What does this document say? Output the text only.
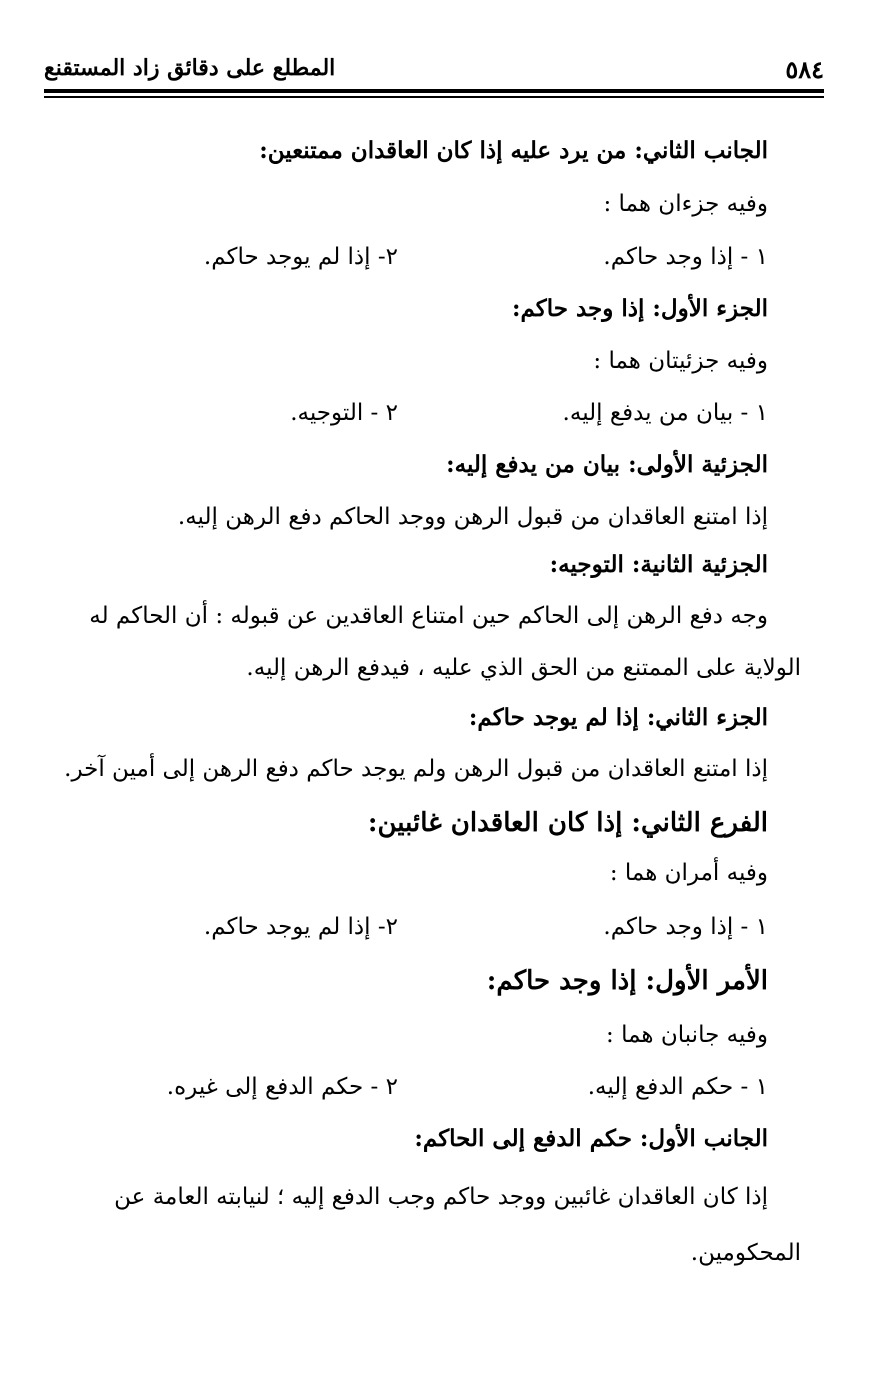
٥٨٤
المطلع على دقائق زاد المستقنع
الجانب الثاني: من يرد عليه إذا كان العاقدان ممتنعين:
وفيه جزءان هما :
١ - إذا وجد حاكم.
٢- إذا لم يوجد حاكم.
الجزء الأول: إذا وجد حاكم:
وفيه جزئيتان هما :
١ - بيان من يدفع إليه.
٢ - التوجيه.
الجزئية الأولى: بيان من يدفع إليه:
إذا امتنع العاقدان من قبول الرهن ووجد الحاكم دفع الرهن إليه.
الجزئية الثانية: التوجيه:
وجه دفع الرهن إلى الحاكم حين امتناع العاقدين عن قبوله : أن الحاكم له
الولاية على الممتنع من الحق الذي عليه ، فيدفع الرهن إليه.
الجزء الثاني: إذا لم يوجد حاكم:
إذا امتنع العاقدان من قبول الرهن ولم يوجد حاكم دفع الرهن إلى أمين آخر.
الفرع الثاني: إذا كان العاقدان غائبين:
وفيه أمران هما :
١ - إذا وجد حاكم.
٢- إذا لم يوجد حاكم.
الأمر الأول: إذا وجد حاكم:
وفيه جانبان هما :
١ - حكم الدفع إليه.
٢ - حكم الدفع إلى غيره.
الجانب الأول: حكم الدفع إلى الحاكم:
إذا كان العاقدان غائبين ووجد حاكم وجب الدفع إليه ؛ لنيابته العامة عن
المحكومين.
